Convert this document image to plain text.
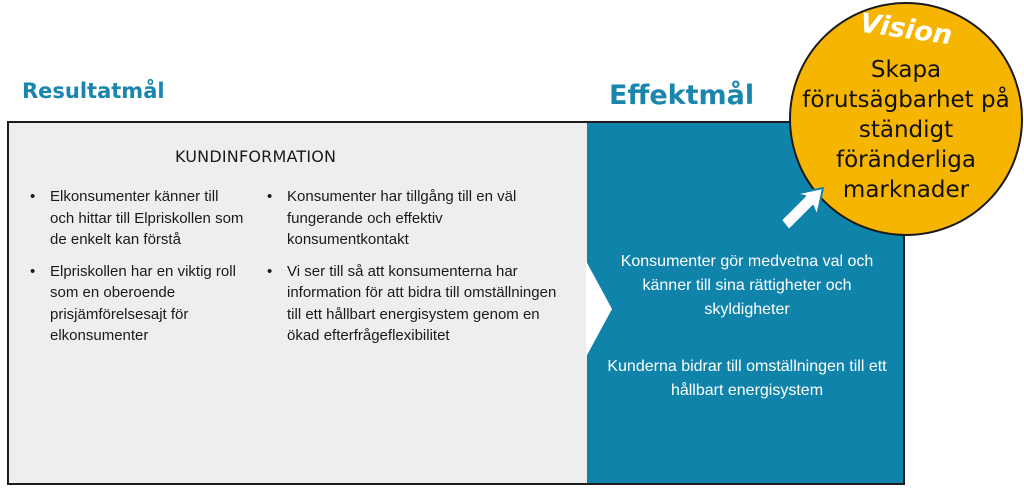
Resultatmål	Effektmål
KUNDINFORMATION
• Elkonsumenter känner till och hittar till Elpriskollen som de enkelt kan förstå
• Elpriskollen har en viktig roll som en oberoende prisjämförelsesajt för elkonsumenter
• Konsumenter har tillgång till en väl fungerande och effektiv konsumentkontakt
• Vi ser till så att konsumenterna har information för att bidra till omställningen till ett hållbart energisystem genom en ökad efterfrågeflexibilitet

Konsumenter gör medvetna val och känner till sina rättigheter och skyldigheter

Kunderna bidrar till omställningen till ett hållbart energisystem

Vision

Skapa förutsägbarhet på ständigt föränderliga marknader
